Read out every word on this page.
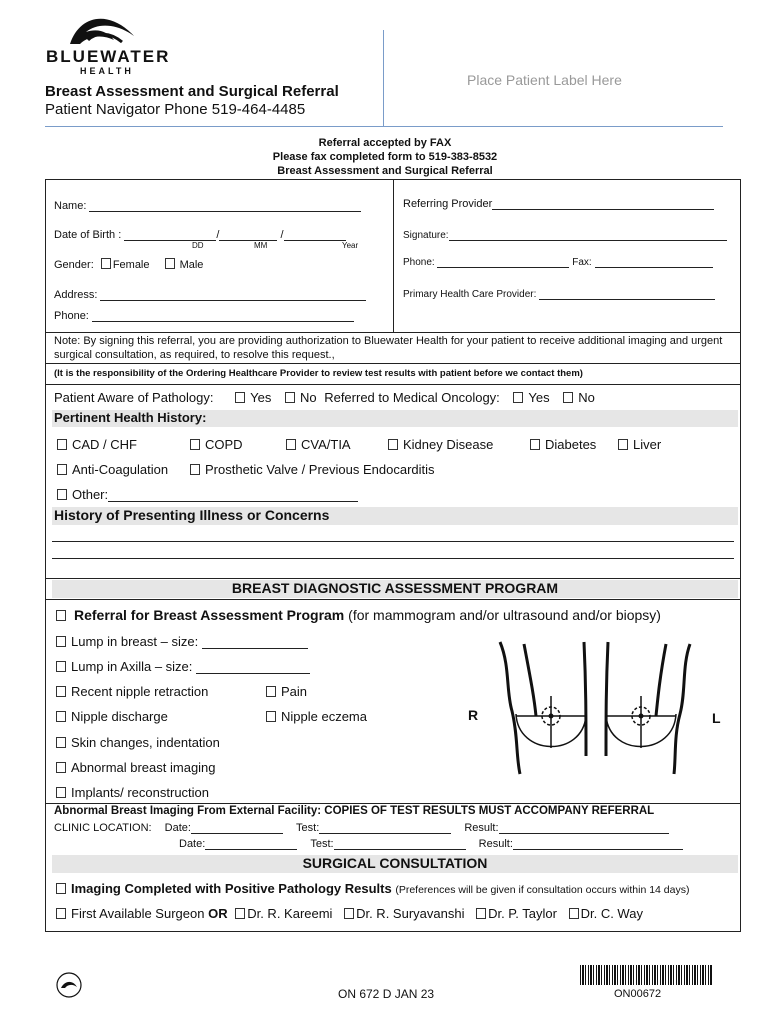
BLUEWATER
HEALTH
Breast Assessment and Surgical Referral
Patient Navigator Phone 519-464-4485
Place Patient Label Here
Referral accepted by FAX
Please fax completed form to 519-383-8532
Breast Assessment and Surgical Referral
Name:
Date of Birth :	/	/
DD	MM	Year
Gender: Female	Male
Address:
Phone:
Referring Provider
Signature:
Phone:	Fax:
Primary Health Care Provider:
Note: By signing this referral, you are providing authorization to Bluewater Health for your patient to receive additional imaging and urgent surgical consultation, as required, to resolve this request.,
(It is the responsibility of the Ordering Healthcare Provider to review test results with patient before we contact them)
Patient Aware of Pathology:	Yes No Referred to Medical Oncology: Yes No
Pertinent Health History:
CAD / CHF	COPD	CVA/TIA	Kidney Disease	Diabetes	Liver
Anti-Coagulation	Prosthetic Valve / Previous Endocarditis
Other:
History of Presenting Illness or Concerns
BREAST DIAGNOSTIC ASSESSMENT PROGRAM
Referral for Breast Assessment Program (for mammogram and/or ultrasound and/or biopsy)
Lump in breast – size:
Lump in Axilla – size:
Recent nipple retraction	Pain
Nipple discharge	Nipple eczema
Skin changes, indentation
Abnormal breast imaging
Implants/ reconstruction
R	L
Abnormal Breast Imaging From External Facility: COPIES OF TEST RESULTS MUST ACCOMPANY REFERRAL
CLINIC LOCATION: Date:	Test:	Result:
Date:	Test:	Result:
SURGICAL CONSULTATION
Imaging Completed with Positive Pathology Results (Preferences will be given if consultation occurs within 14 days)
First Available Surgeon OR Dr. R. Kareemi Dr. R. Suryavanshi Dr. P. Taylor Dr. C. Way
ON 672 D JAN 23	ON00672
